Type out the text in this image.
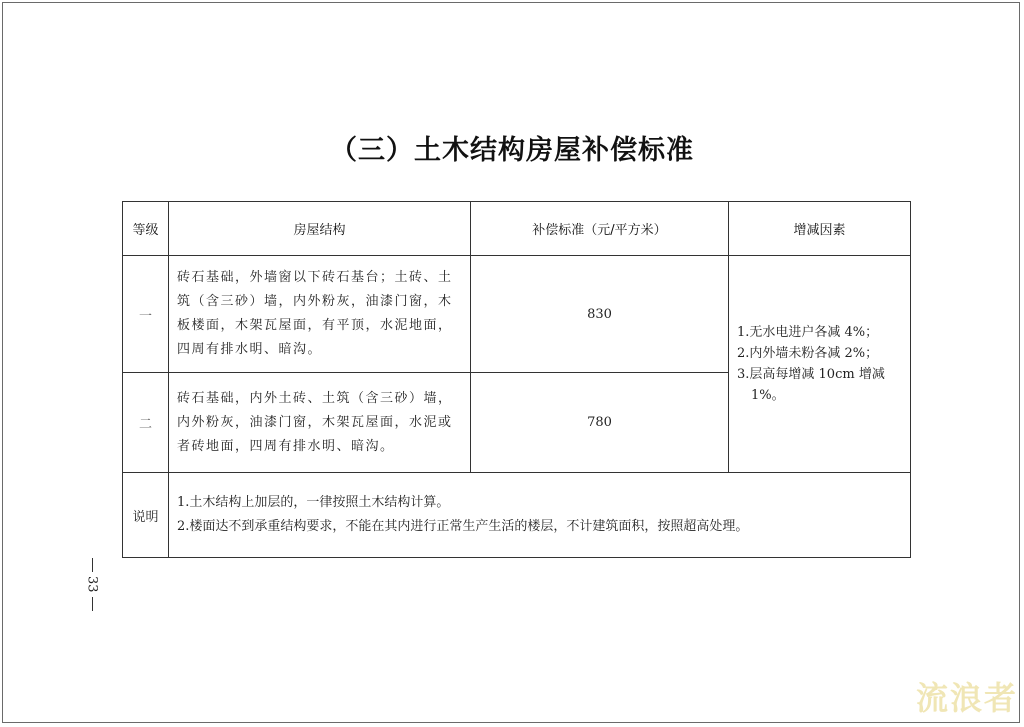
（三）土木结构房屋补偿标准
等级	房屋结构	补偿标准（元/平方米）	增减因素
一	砖石基础，外墙窗以下砖石基台；土砖、土筑（含三砂）墙，内外粉灰，油漆门窗，木板楼面，木架瓦屋面，有平顶，水泥地面，四周有排水明、暗沟。	830	1.无水电进户各减 4%；
2.内外墙未粉各减 2%；
3.层高每增减 10cm 增减
1%。

二	砖石基础，内外土砖、土筑（含三砂）墙，内外粉灰，油漆门窗，木架瓦屋面，水泥或者砖地面，四周有排水明、暗沟。	780	
说明	1.土木结构上加层的，一律按照土木结构计算。
2.楼面达不到承重结构要求，不能在其内进行正常生产生活的楼层，不计建筑面积，按照超高处理。		
33
流浪者
